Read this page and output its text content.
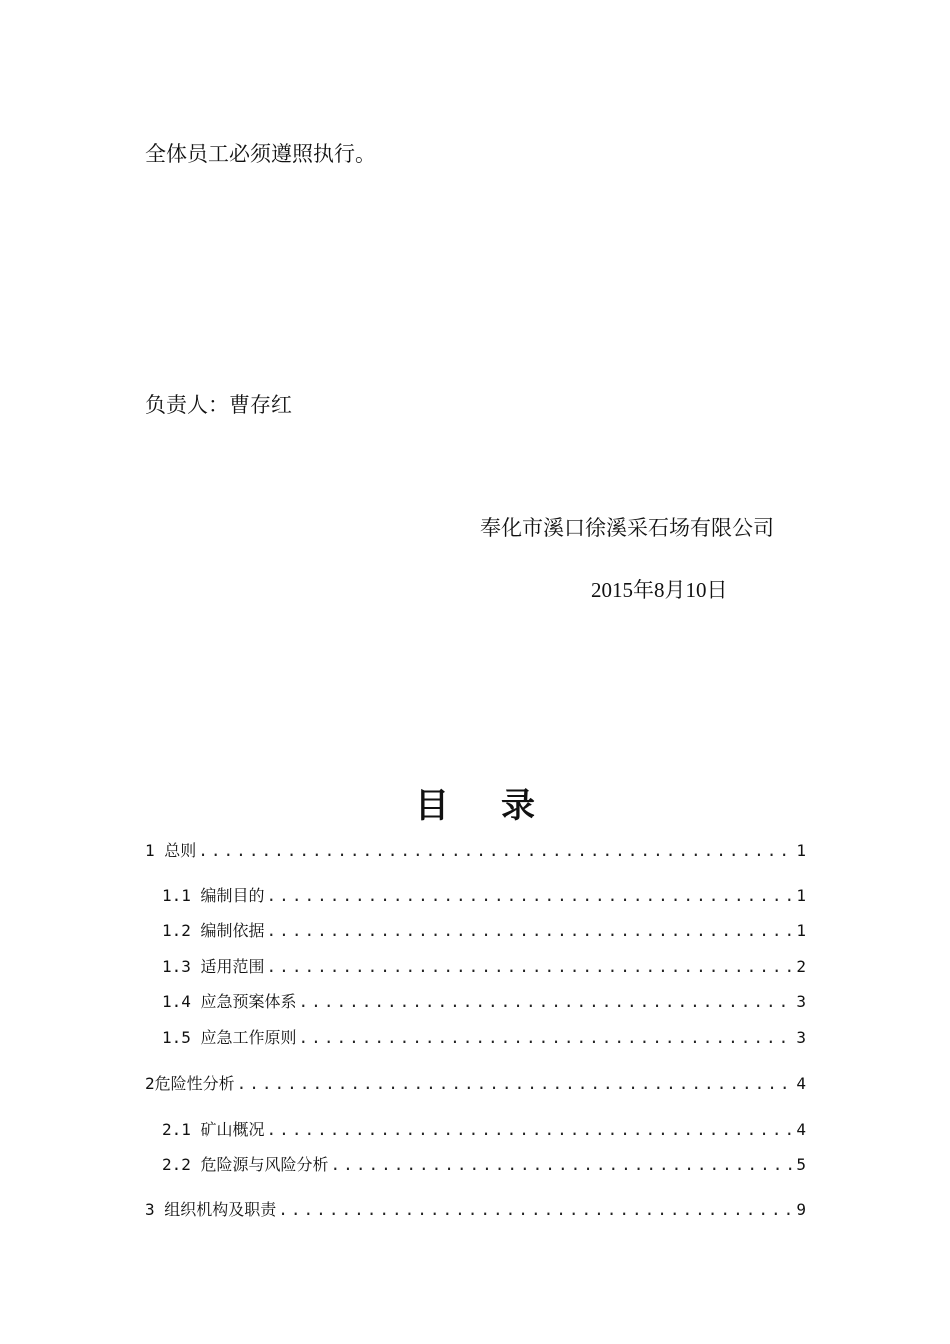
全体员工必须遵照执行。
负责人：曹存红
奉化市溪口徐溪采石场有限公司
2015年8月10日
目 录
1 总则 .....	1
1.1 编制目的 .....	1
1.2 编制依据 .....	1
1.3 适用范围 .....	2
1.4 应急预案体系 .....	3
1.5 应急工作原则 .....	3
2危险性分析 .....	4
2.1 矿山概况 .....	4
2.2 危险源与风险分析 .....	5
3 组织机构及职责 .....	9
